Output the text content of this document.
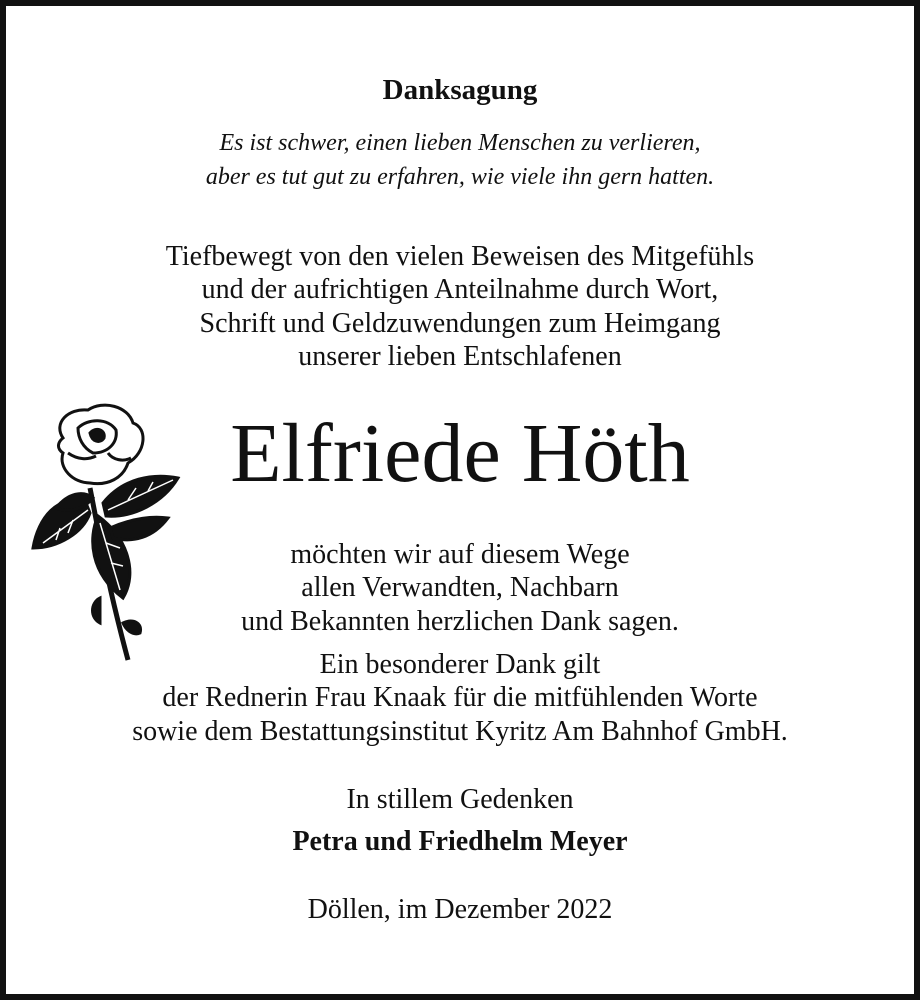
Danksagung
Es ist schwer, einen lieben Menschen zu verlieren,
aber es tut gut zu erfahren, wie viele ihn gern hatten.
Tiefbewegt von den vielen Beweisen des Mitgefühls
und der aufrichtigen Anteilnahme durch Wort,
Schrift und Geldzuwendungen zum Heimgang
unserer lieben Entschlafenen
Elfriede Höth
möchten wir auf diesem Wege
allen Verwandten, Nachbarn
und Bekannten herzlichen Dank sagen.
Ein besonderer Dank gilt
der Rednerin Frau Knaak für die mitfühlenden Worte
sowie dem Bestattungsinstitut Kyritz Am Bahnhof GmbH.
In stillem Gedenken
Petra und Friedhelm Meyer
Döllen, im Dezember 2022
